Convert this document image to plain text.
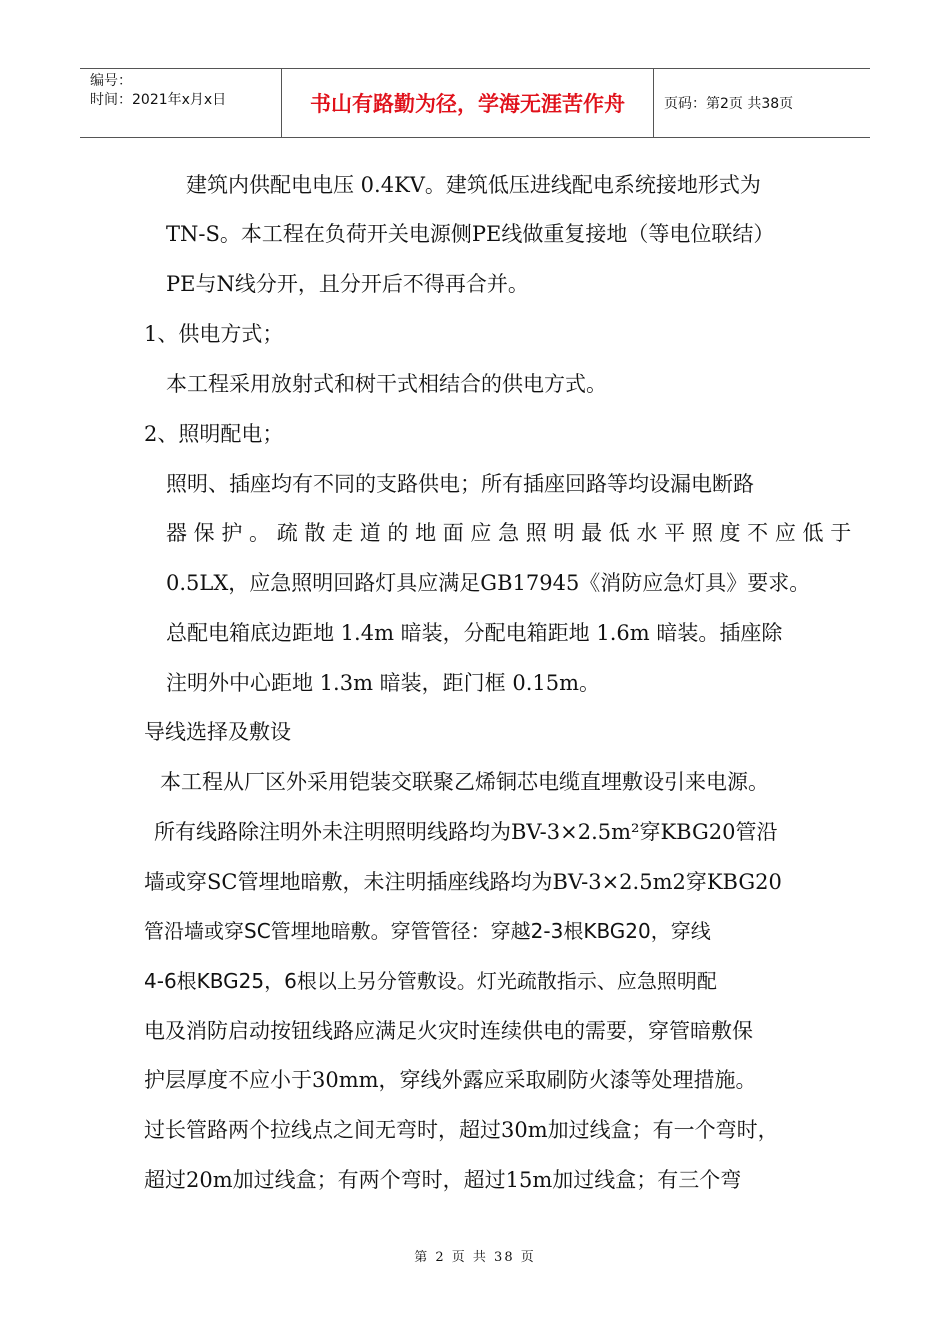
编号：
时间：2021年x月x日	书山有路勤为径，学海无涯苦作舟	页码：第2页 共38页
建筑内供配电电压 0.4KV。建筑低压进线配电系统接地形式为
TN-S。本工程在负荷开关电源侧PE线做重复接地（等电位联结）
PE与N线分开，且分开后不得再合并。
1、供电方式；
本工程采用放射式和树干式相结合的供电方式。
2、照明配电；
照明、插座均有不同的支路供电；所有插座回路等均设漏电断路
器 保 护 。 疏 散 走 道 的 地 面 应 急 照 明 最 低 水 平 照 度 不 应 低 于
0.5LX，应急照明回路灯具应满足GB17945《消防应急灯具》要求。
总配电箱底边距地 1.4m 暗装，分配电箱距地 1.6m 暗装。插座除
注明外中心距地 1.3m 暗装，距门框 0.15m。
导线选择及敷设
本工程从厂区外采用铠装交联聚乙烯铜芯电缆直埋敷设引来电源。
所有线路除注明外未注明照明线路均为BV-3×2.5m²穿KBG20管沿
墙或穿SC管埋地暗敷，未注明插座线路均为BV-3×2.5m2穿KBG20
管沿墙或穿SC管埋地暗敷。穿管管径：穿越2-3根KBG20，穿线
4-6根KBG25，6根以上另分管敷设。灯光疏散指示、应急照明配
电及消防启动按钮线路应满足火灾时连续供电的需要，穿管暗敷保
护层厚度不应小于30mm，穿线外露应采取刷防火漆等处理措施。
过长管路两个拉线点之间无弯时，超过30m加过线盒；有一个弯时，
超过20m加过线盒；有两个弯时，超过15m加过线盒；有三个弯
第 2 页 共 38 页
